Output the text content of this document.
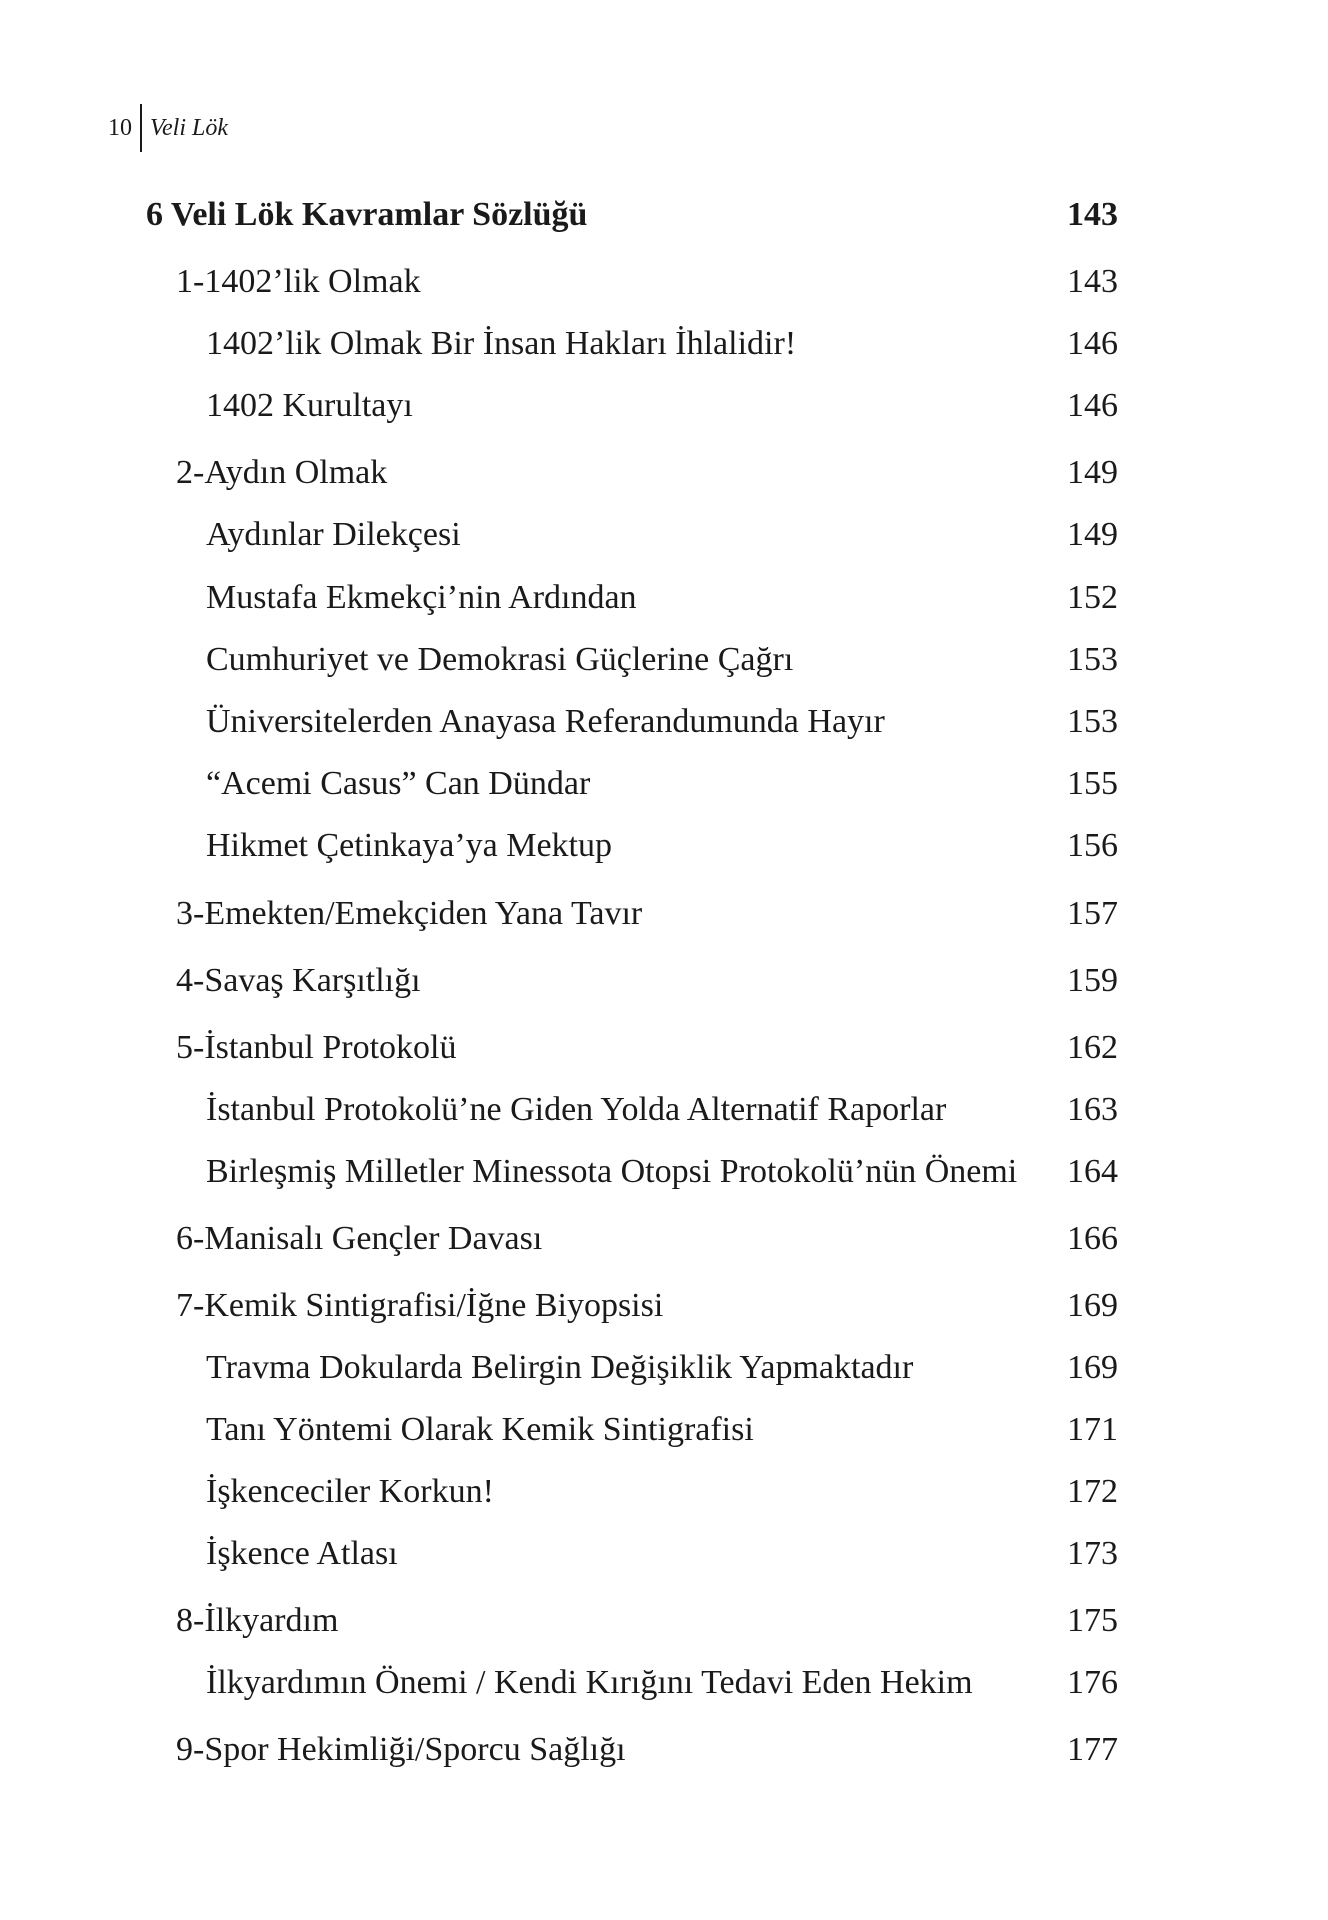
10 Veli Lök
6 Veli Lök Kavramlar Sözlüğü	143
1-1402’lik Olmak	143
1402’lik Olmak Bir İnsan Hakları İhlalidir!	146
1402 Kurultayı	146
2-Aydın Olmak	149
Aydınlar Dilekçesi	149
Mustafa Ekmekçi’nin Ardından	152
Cumhuriyet ve Demokrasi Güçlerine Çağrı	153
Üniversitelerden Anayasa Referandumunda Hayır	153
“Acemi Casus” Can Dündar	155
Hikmet Çetinkaya’ya Mektup	156
3-Emekten/Emekçiden Yana Tavır	157
4-Savaş Karşıtlığı	159
5-İstanbul Protokolü	162
İstanbul Protokolü’ne Giden Yolda Alternatif Raporlar	163
Birleşmiş Milletler Minessota Otopsi Protokolü’nün Önemi 164
6-Manisalı Gençler Davası	166
7-Kemik Sintigrafisi/İğne Biyopsisi	169
Travma Dokularda Belirgin Değişiklik Yapmaktadır	169
Tanı Yöntemi Olarak Kemik Sintigrafisi	171
İşkenceciler Korkun!	172
İşkence Atlası	173
8-İlkyardım	175
İlkyardımın Önemi / Kendi Kırığını Tedavi Eden Hekim	176
9-Spor Hekimliği/Sporcu Sağlığı	177
